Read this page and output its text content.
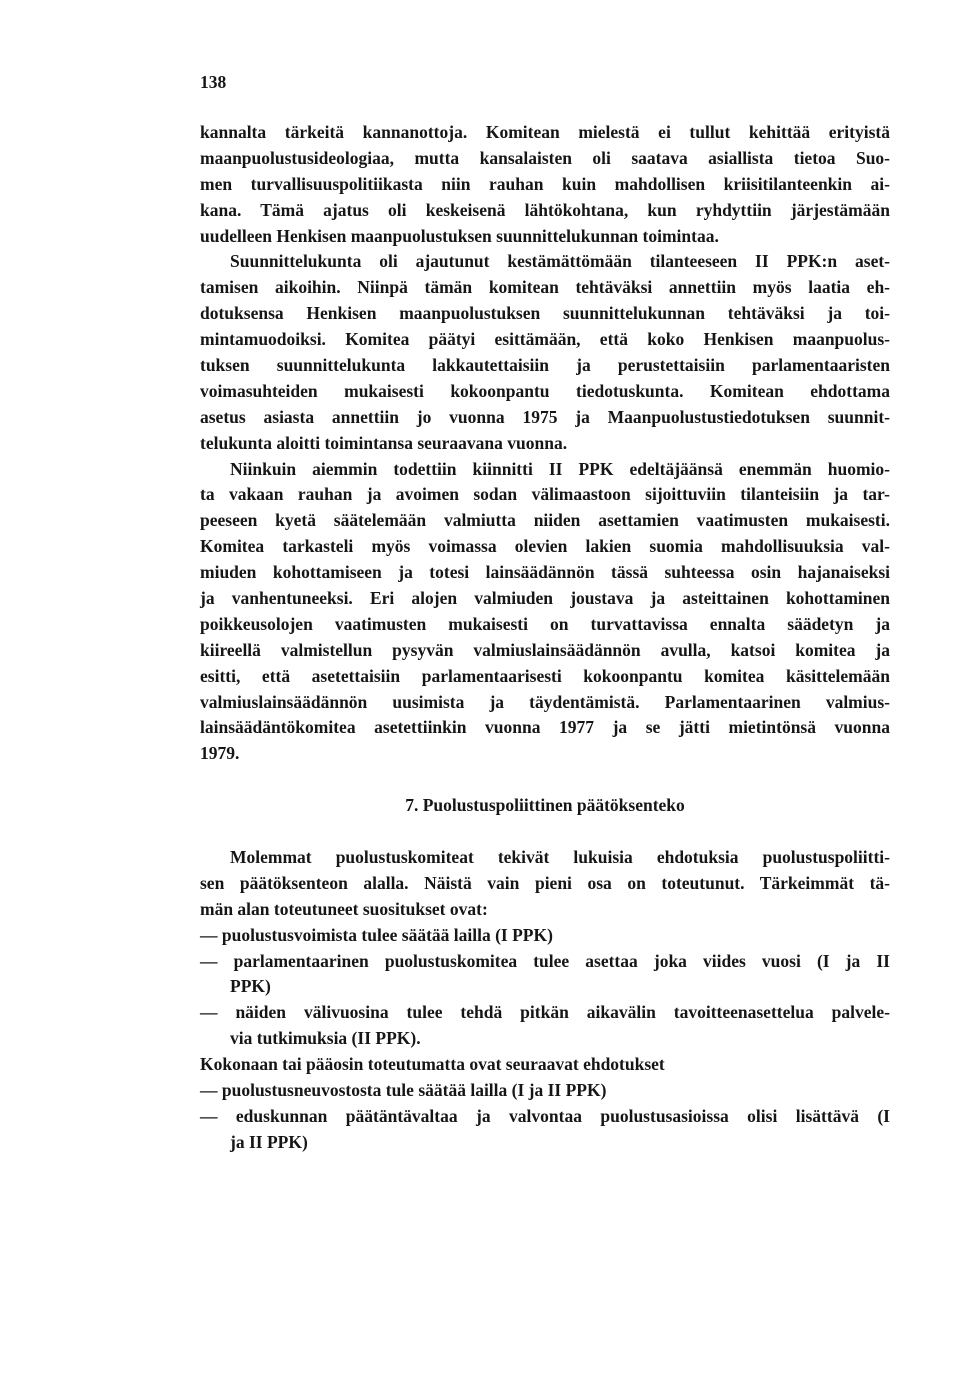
138
kannalta tärkeitä kannanottoja. Komitean mielestä ei tullut kehittää erityistä
maanpuolustusideologiaa, mutta kansalaisten oli saatava asiallista tietoa Suo-
men turvallisuuspolitiikasta niin rauhan kuin mahdollisen kriisitilanteenkin ai-
kana. Tämä ajatus oli keskeisenä lähtökohtana, kun ryhdyttiin järjestämään
uudelleen Henkisen maanpuolustuksen suunnittelukunnan toimintaa.
Suunnittelukunta oli ajautunut kestämättömään tilanteeseen II PPK:n aset-
tamisen aikoihin. Niinpä tämän komitean tehtäväksi annettiin myös laatia eh-
dotuksensa Henkisen maanpuolustuksen suunnittelukunnan tehtäväksi ja toi-
mintamuodoiksi. Komitea päätyi esittämään, että koko Henkisen maanpuolus-
tuksen suunnittelukunta lakkautettaisiin ja perustettaisiin parlamentaaristen
voimasuhteiden mukaisesti kokoonpantu tiedotuskunta. Komitean ehdottama
asetus asiasta annettiin jo vuonna 1975 ja Maanpuolustustiedotuksen suunnit-
telukunta aloitti toimintansa seuraavana vuonna.
Niinkuin aiemmin todettiin kiinnitti II PPK edeltäjäänsä enemmän huomio-
ta vakaan rauhan ja avoimen sodan välimaastoon sijoittuviin tilanteisiin ja tar-
peeseen kyetä säätelemään valmiutta niiden asettamien vaatimusten mukaisesti.
Komitea tarkasteli myös voimassa olevien lakien suomia mahdollisuuksia val-
miuden kohottamiseen ja totesi lainsäädännön tässä suhteessa osin hajanaiseksi
ja vanhentuneeksi. Eri alojen valmiuden joustava ja asteittainen kohottaminen
poikkeusolojen vaatimusten mukaisesti on turvattavissa ennalta säädetyn ja
kiireellä valmistellun pysyvän valmiuslainsäädännön avulla, katsoi komitea ja
esitti, että asetettaisiin parlamentaarisesti kokoonpantu komitea käsittelemään
valmiuslainsäädännön uusimista ja täydentämistä. Parlamentaarinen valmius-
lainsäädäntökomitea asetettiinkin vuonna 1977 ja se jätti mietintönsä vuonna
1979.
7. Puolustuspoliittinen päätöksenteko
Molemmat puolustuskomiteat tekivät lukuisia ehdotuksia puolustuspoliitti-
sen päätöksenteon alalla. Näistä vain pieni osa on toteutunut. Tärkeimmät tä-
män alan toteutuneet suositukset ovat:
— puolustusvoimista tulee säätää lailla (I PPK)
— parlamentaarinen puolustuskomitea tulee asettaa joka viides vuosi (I ja II
PPK)
— näiden välivuosina tulee tehdä pitkän aikavälin tavoitteenasettelua palvele-
via tutkimuksia (II PPK).
Kokonaan tai pääosin toteutumatta ovat seuraavat ehdotukset
— puolustusneuvostosta tule säätää lailla (I ja II PPK)
— eduskunnan päätäntävaltaa ja valvontaa puolustusasioissa olisi lisättävä (I
ja II PPK)
